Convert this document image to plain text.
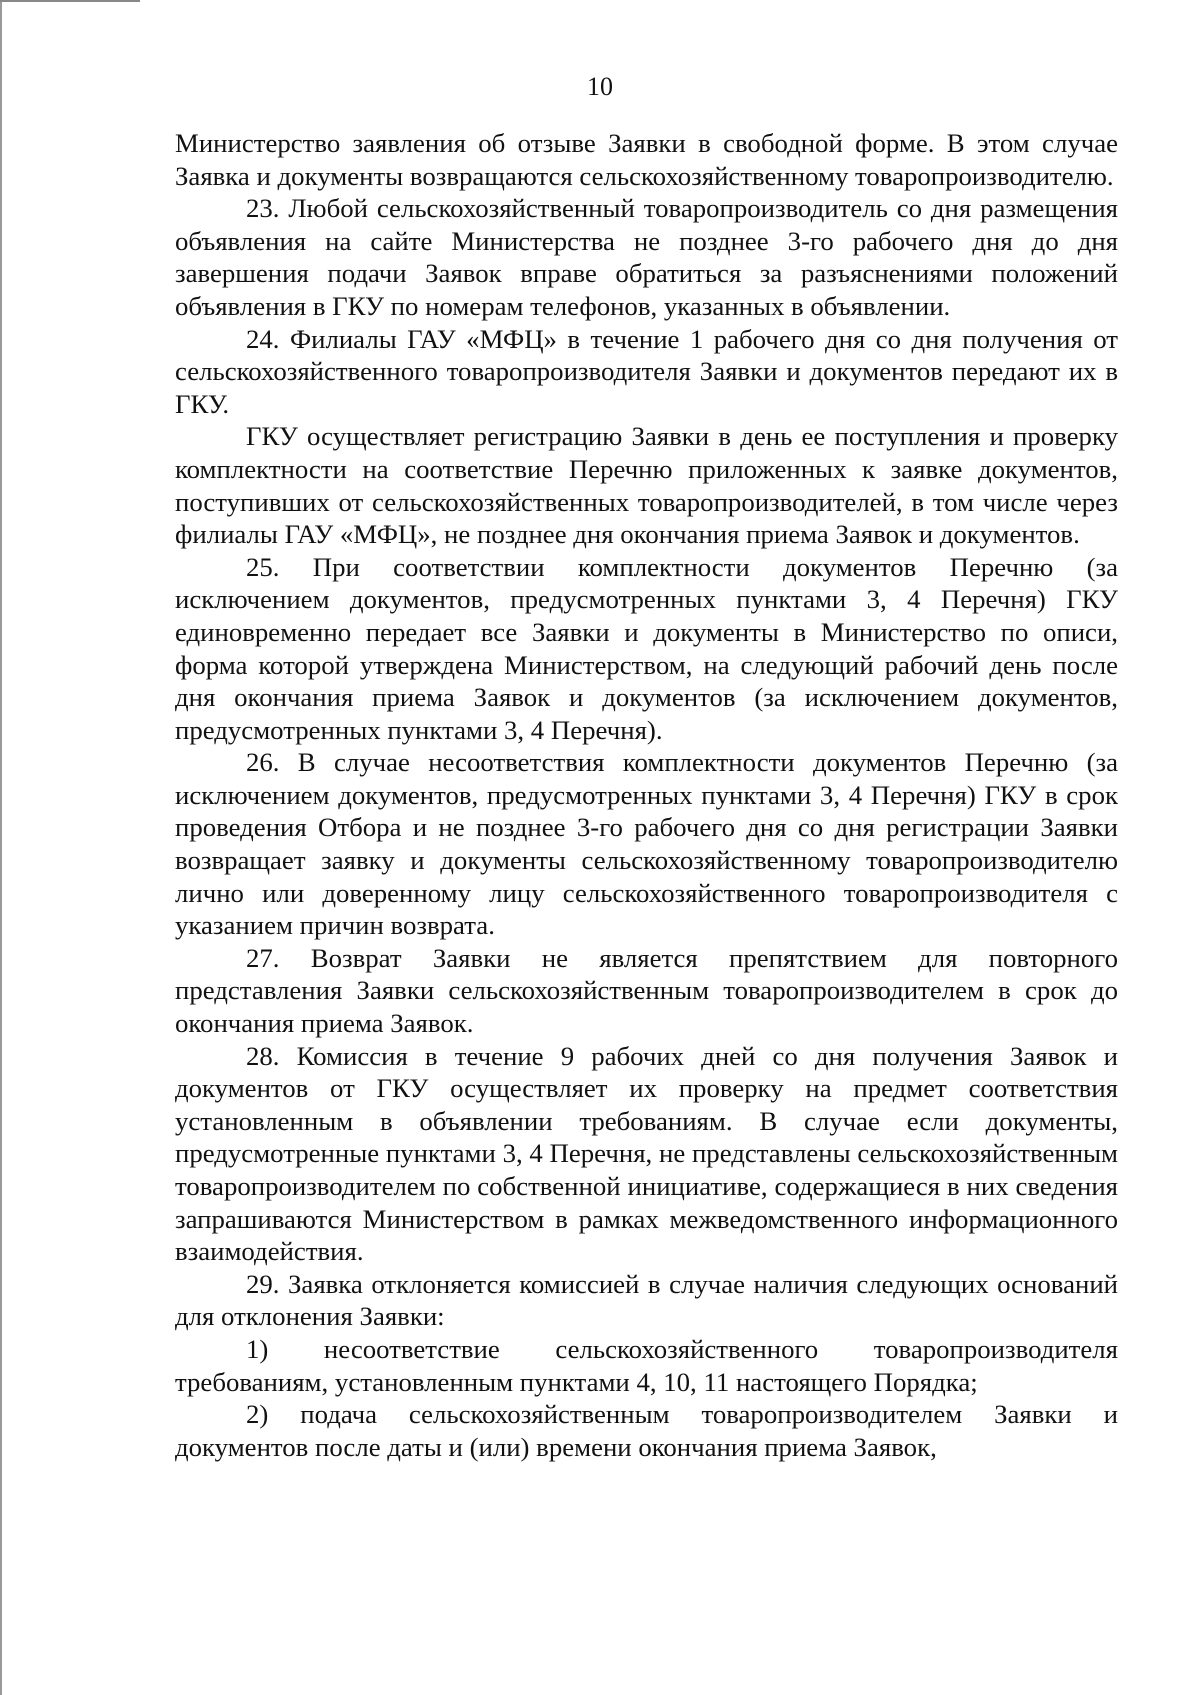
10

Министерство заявления об отзыве Заявки в свободной форме. В этом случае Заявка и документы возвращаются сельскохозяйственному товаропроизводителю.

23. Любой сельскохозяйственный товаропроизводитель со дня размещения объявления на сайте Министерства не позднее 3-го рабочего дня до дня завершения подачи Заявок вправе обратиться за разъяснениями положений объявления в ГКУ по номерам телефонов, указанных в объявлении.

24. Филиалы ГАУ «МФЦ» в течение 1 рабочего дня со дня получения от сельскохозяйственного товаропроизводителя Заявки и документов передают их в ГКУ.

ГКУ осуществляет регистрацию Заявки в день ее поступления и проверку комплектности на соответствие Перечню приложенных к заявке документов, поступивших от сельскохозяйственных товаропроизводителей, в том числе через филиалы ГАУ «МФЦ», не позднее дня окончания приема Заявок и документов.

25. При соответствии комплектности документов Перечню (за исключением документов, предусмотренных пунктами 3, 4 Перечня) ГКУ единовременно передает все Заявки и документы в Министерство по описи, форма которой утверждена Министерством, на следующий рабочий день после дня окончания приема Заявок и документов (за исключением документов, предусмотренных пунктами 3, 4 Перечня).

26. В случае несоответствия комплектности документов Перечню (за исключением документов, предусмотренных пунктами 3, 4 Перечня) ГКУ в срок проведения Отбора и не позднее 3-го рабочего дня со дня регистрации Заявки возвращает заявку и документы сельскохозяйственному товаропроизводителю лично или доверенному лицу сельскохозяйственного товаропроизводителя с указанием причин возврата.

27. Возврат Заявки не является препятствием для повторного представления Заявки сельскохозяйственным товаропроизводителем в срок до окончания приема Заявок.

28. Комиссия в течение 9 рабочих дней со дня получения Заявок и документов от ГКУ осуществляет их проверку на предмет соответствия установленным в объявлении требованиям. В случае если документы, предусмотренные пунктами 3, 4 Перечня, не представлены сельскохозяйственным товаропроизводителем по собственной инициативе, содержащиеся в них сведения запрашиваются Министерством в рамках межведомственного информационного взаимодействия.

29. Заявка отклоняется комиссией в случае наличия следующих оснований для отклонения Заявки:

1) несоответствие сельскохозяйственного товаропроизводителя требованиям, установленным пунктами 4, 10, 11 настоящего Порядка;

2) подача сельскохозяйственным товаропроизводителем Заявки и документов после даты и (или) времени окончания приема Заявок,
